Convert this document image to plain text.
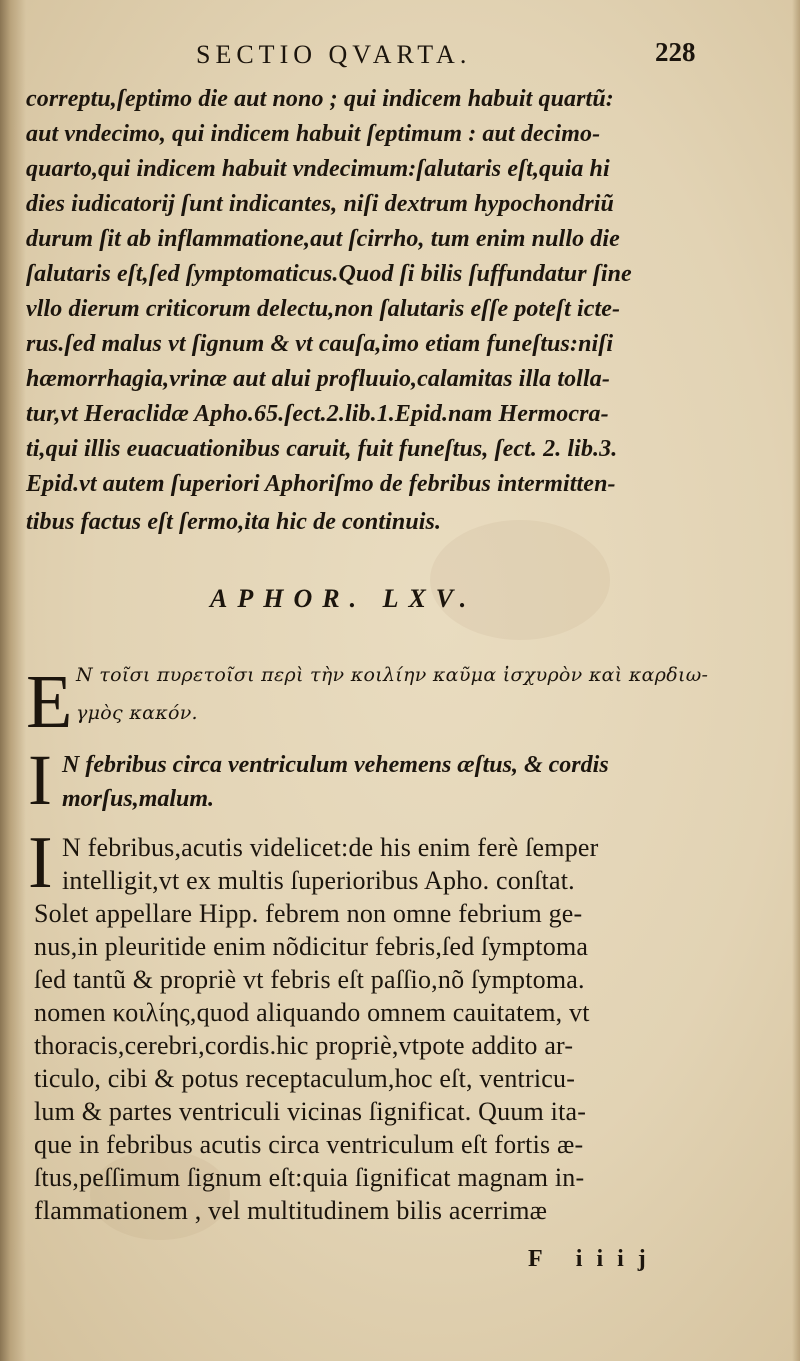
SECTIO QVARTA.	228
correptu,ſeptimo die aut nono ; qui indicem habuit quartũ:
aut vndecimo, qui indicem habuit ſeptimum : aut decimo-
quarto,qui indicem habuit vndecimum:ſalutaris eſt,quia hi
dies iudicatorij ſunt indicantes, niſi dextrum hypochondriũ
durum ſit ab inflammatione,aut ſcirrho, tum enim nullo die
ſalutaris eſt,ſed ſymptomaticus.Quod ſi bilis ſuffundatur ſine
vllo dierum criticorum delectu,non ſalutaris eſſe poteſt icte-
rus.ſed malus vt ſignum & vt cauſa,imo etiam funeſtus:niſi
hæmorrhagia,vrinæ aut alui profluuio,calamitas illa tolla-
tur,vt Heraclidæ Apho.65.ſect.2.lib.1.Epid.nam Hermocra-
ti,qui illis euacuationibus caruit, fuit funeſtus, ſect. 2. lib.3.
Epid.vt autem ſuperiori Aphoriſmo de febribus intermitten-
tibus factus eſt ſermo,ita hic de continuis.
APHOR. LXV.
E N τοῖσι πυρετοῖσι περὶ τὴν κοιλίην καῦμα ἰσχυρὸν καὶ καρδιω-
γμὸς κακόν.
I N febribus circa ventriculum vehemens æſtus, & cordis
morſus,malum.
I N febribus,acutis videlicet:de his enim ferè ſemper
intelligit,vt ex multis ſuperioribus Apho. conſtat.
Solet appellare Hipp. febrem non omne febrium ge-
nus,in pleuritide enim nõdicitur febris,ſed ſymptoma
ſed tantũ & propriè vt febris eſt paſſio,nõ ſymptoma.
nomen κοιλίης,quod aliquando omnem cauitatem, vt
thoracis,cerebri,cordis.hic propriè,vtpote addito ar-
ticulo, cibi & potus receptaculum,hoc eſt, ventricu-
lum & partes ventriculi vicinas ſignificat. Quum ita-
que in febribus acutis circa ventriculum eſt fortis æ-
ſtus,peſſimum ſignum eſt:quia ſignificat magnam in-
flammationem , vel multitudinem bilis acerrimæ
F iiij
